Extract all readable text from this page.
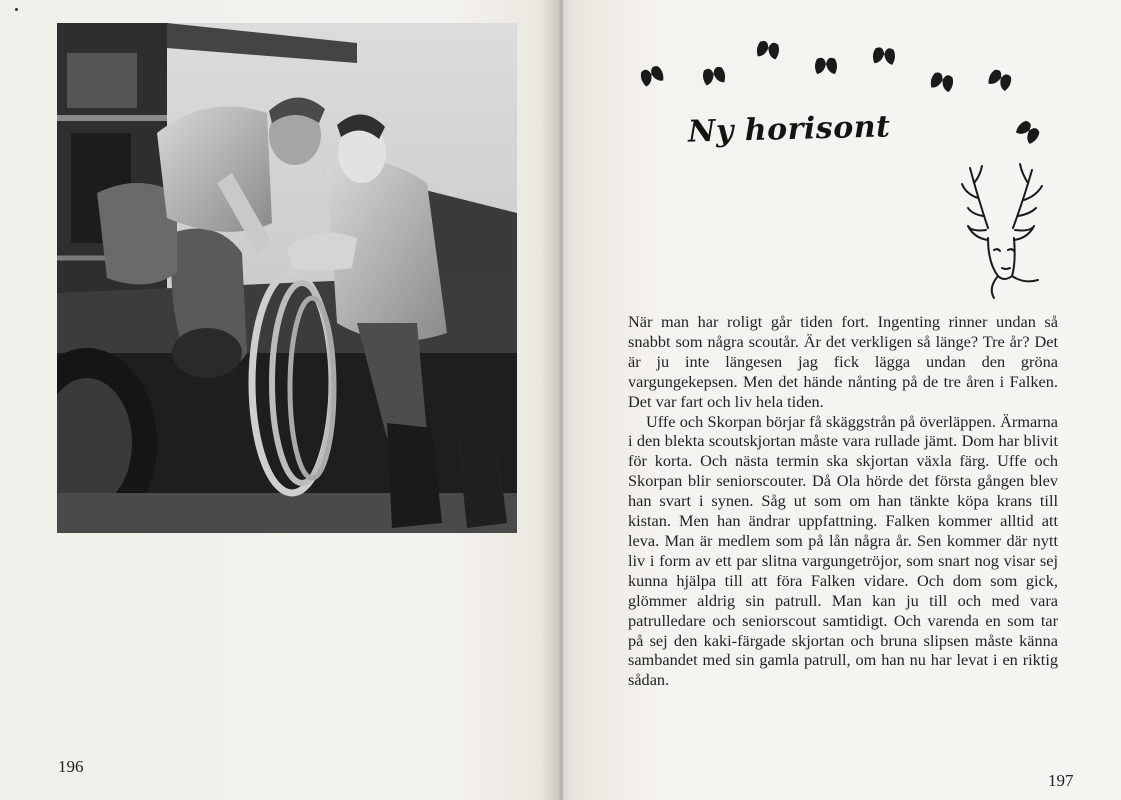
196
Ny horisont

När man har roligt går tiden fort. Ingenting rinner undan så snabbt som några scoutår. Är det verkligen så länge? Tre år? Det är ju inte längesen jag fick lägga undan den gröna vargungekepsen. Men det hände nånting på de tre åren i Falken. Det var fart och liv hela tiden.

Uffe och Skorpan börjar få skäggstrån på överläppen. Ärmarna i den blekta scoutskjortan måste vara rullade jämt. Dom har blivit för korta. Och nästa termin ska skjortan växla färg. Uffe och Skorpan blir seniorscouter. Då Ola hörde det första gången blev han svart i synen. Såg ut som om han tänkte köpa krans till kistan. Men han ändrar uppfattning. Falken kommer alltid att leva. Man är medlem som på lån några år. Sen kommer där nytt liv i form av ett par slitna vargungetröjor, som snart nog visar sej kunna hjälpa till att föra Falken vidare. Och dom som gick, glömmer aldrig sin patrull. Man kan ju till och med vara patrulledare och seniorscout samtidigt. Och varenda en som tar på sej den kaki-färgade skjortan och bruna slipsen måste känna sambandet med sin gamla patrull, om han nu har levat i en riktig sådan.

197
